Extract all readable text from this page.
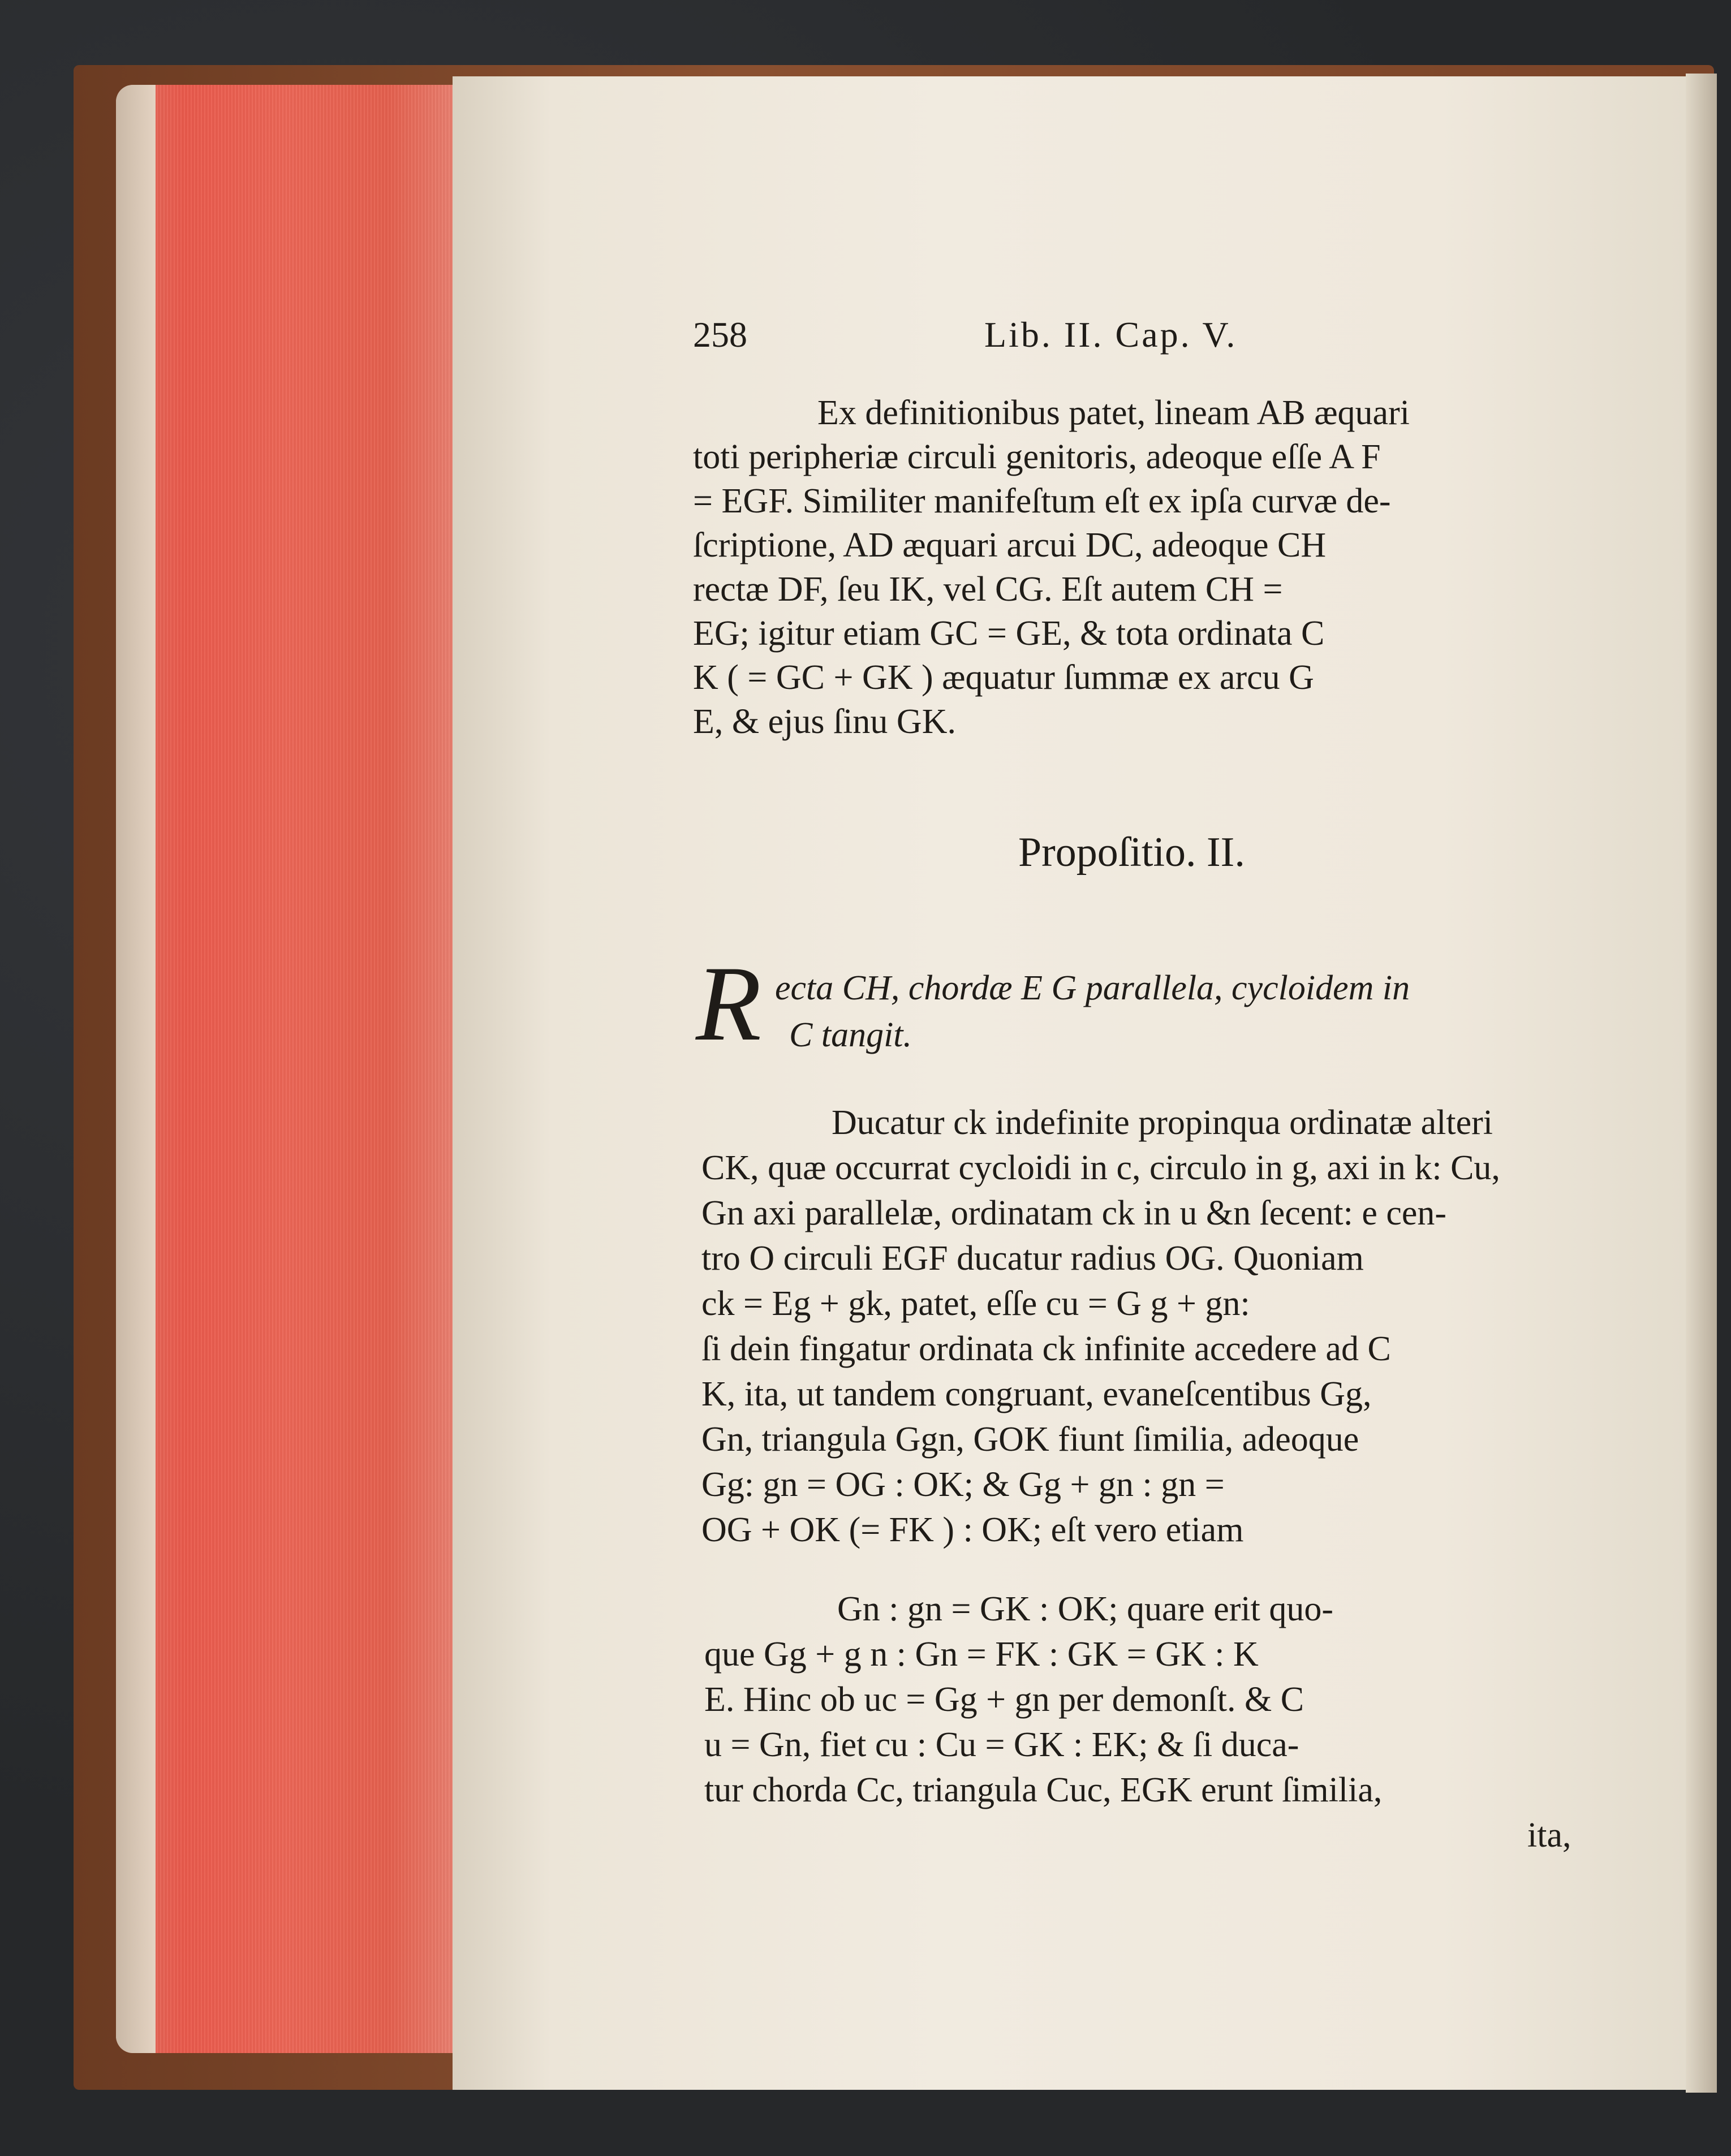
258	Lib. II. Cap. V.
Ex definitionibus patet, lineam AB æquari
toti peripheriæ circuli genitoris, adeoque eſſe A F
= EGF. Similiter manifeſtum eſt ex ipſa curvæ de-
ſcriptione, AD æquari arcui DC, adeoque CH
rectæ DF, ſeu IK, vel CG. Eſt autem CH =
EG; igitur etiam GC = GE, & tota ordinata C
K ( = GC + GK ) æquatur ſummæ ex arcu G
E, & ejus ſinu GK.
Propoſitio. II.
R ecta CH, chordæ E G parallela, cycloidem in
C tangit.
Ducatur ck indefinite propinqua ordinatæ alteri
CK, quæ occurrat cycloidi in c, circulo in g, axi in k: Cu,
Gn axi parallelæ, ordinatam ck in u &n ſecent: e cen-
tro O circuli EGF ducatur radius OG. Quoniam
ck = Eg + gk, patet, eſſe cu = G g + gn:
ſi dein fingatur ordinata ck infinite accedere ad C
K, ita, ut tandem congruant, evaneſcentibus Gg,
Gn, triangula Ggn, GOK fiunt ſimilia, adeoque
Gg: gn = OG : OK; & Gg + gn : gn =
OG + OK (= FK ) : OK; eſt vero etiam
Gn : gn = GK : OK; quare erit quo-
que Gg + g n : Gn = FK : GK = GK : K
E. Hinc ob uc = Gg + gn per demonſt. & C
u = Gn, fiet cu : Cu = GK : EK; & ſi duca-
tur chorda Cc, triangula Cuc, EGK erunt ſimilia,
ita,
